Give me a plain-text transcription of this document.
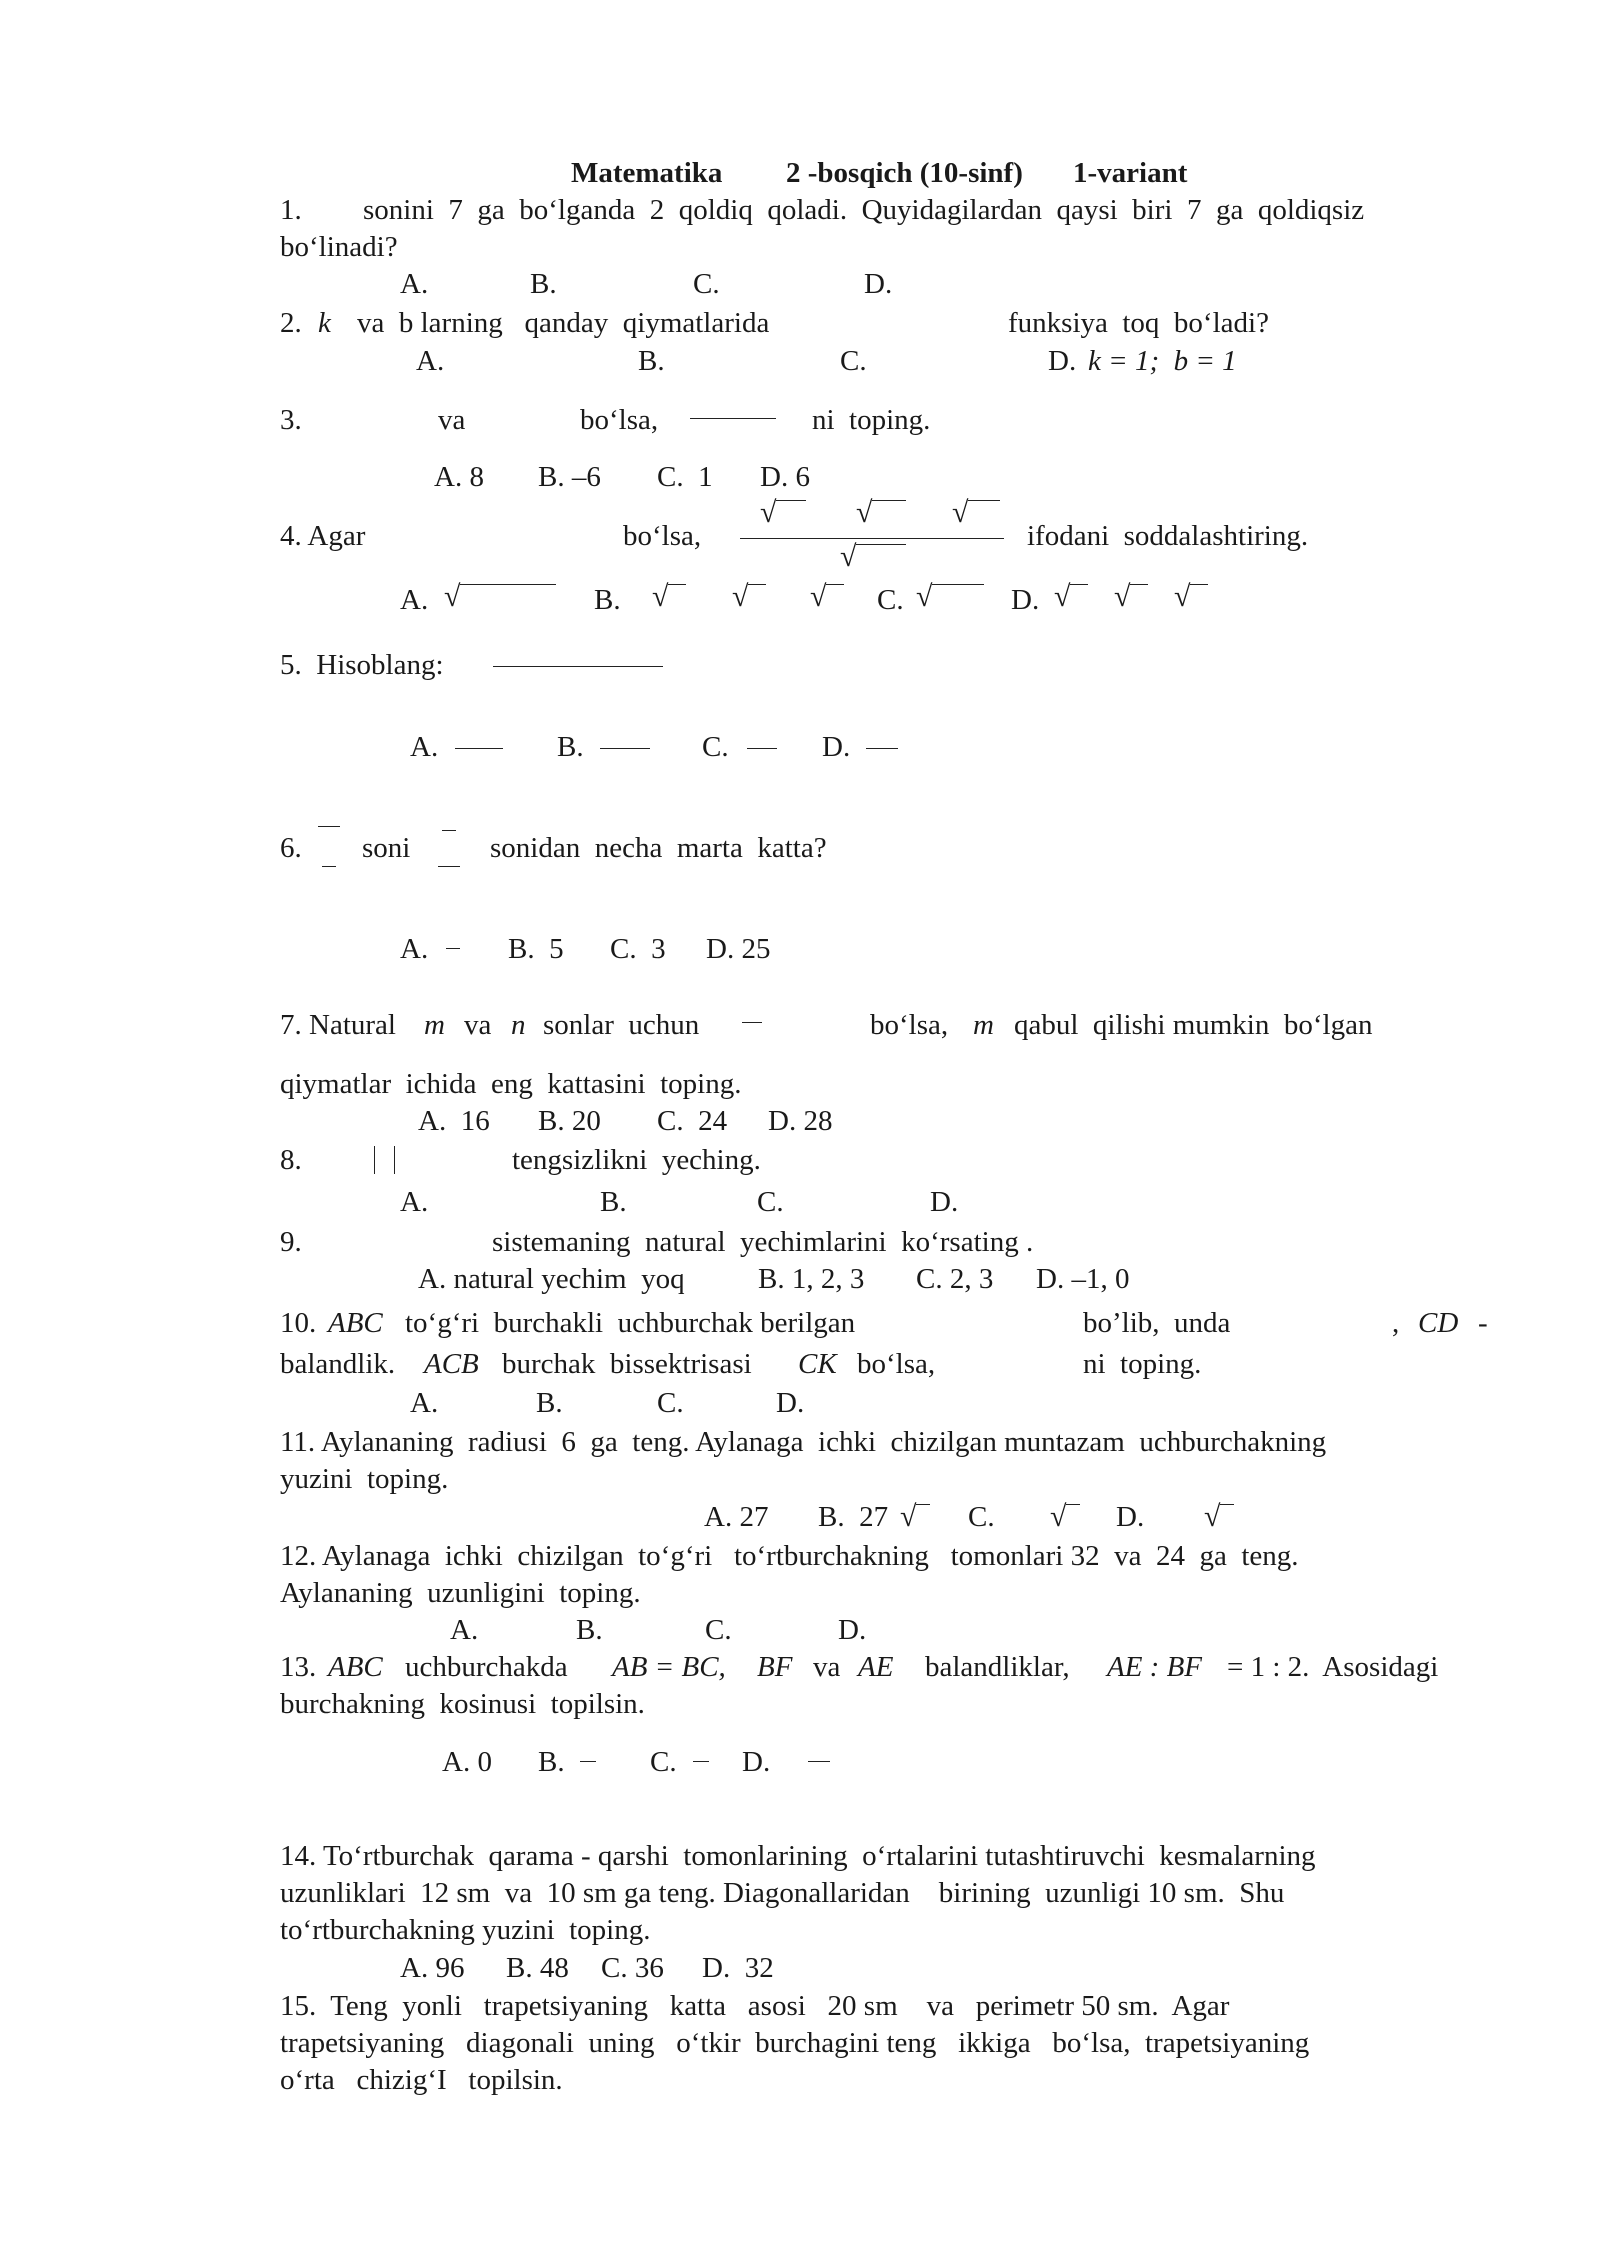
Matematika 2 -bosqich (10-sinf) 1-variant
1. sonini  7  ga  bo‘lganda  2  qoldiq  qoladi.  Quyidagilardan  qaysi  biri  7  ga  qoldiqsiz
bo‘linadi?
A.	B.	C.	D.
2. k va  b larning   qanday  qiymatlarida	funksiya  toq  bo‘ladi?
A.	B.	C.	D. k = 1;  b = 1
3.	va	bo‘lsa,	ni  toping.
A. 8 B. –6 C.  1 D. 6
4. Agar	bo‘lsa,
√	√	√
√
ifodani  soddalashtiring.
A. √	B. √ √ √ C. √	D. √ √ √
5.  Hisoblang:
A.	B.	C.	D.
6. soni	sonidan  necha  marta  katta?
A.	B.  5 C.  3 D. 25
7. Natural m va n sonlar  uchun	bo‘lsa, m qabul  qilishi mumkin  bo‘lgan
qiymatlar  ichida  eng  kattasini  toping.
A.  16 B. 20 C.  24 D. 28
8.	tengsizlikni  yeching.
A.	B.	C.	D.
9.	sistemaning  natural  yechimlarini  ko‘rsating .
A. natural yechim  yoq	B. 1, 2, 3 C. 2, 3 D. –1, 0
10. ABC to‘g‘ri  burchakli  uchburchak berilgan	bo’lib,  unda	, CD -
balandlik. ACB burchak  bissektrisasi CK bo‘lsa,	ni  toping.
A.	B.	C.	D.
11. Aylananing  radiusi  6  ga  teng. Aylanaga  ichki  chizilgan muntazam  uchburchakning
yuzini  toping.
A. 27 B.  27 √ C. √ D. √
12. Aylanaga  ichki  chizilgan  to‘g‘ri   to‘rtburchakning   tomonlari 32  va  24  ga  teng.
Aylananing  uzunligini  toping.
A.	B.	C.	D.
13. ABC uchburchakda AB = BC, BF va AE balandliklar, AE : BF = 1 : 2.  Asosidagi
burchakning  kosinusi  topilsin.
A. 0 B.	C. D.
14. To‘rtburchak  qarama - qarshi  tomonlarining  o‘rtalarini tutashtiruvchi  kesmalarning
uzunliklari  12 sm  va  10 sm ga teng. Diagonallaridan    birining  uzunligi 10 sm.  Shu
to‘rtburchakning yuzini  toping.
A. 96 B. 48 C. 36 D.  32
15.  Teng  yonli   trapetsiyaning   katta   asosi   20 sm    va   perimetr 50 sm.  Agar
trapetsiyaning   diagonali  uning   o‘tkir  burchagini teng   ikkiga   bo‘lsa,  trapetsiyaning
o‘rta   chizig‘I   topilsin.
